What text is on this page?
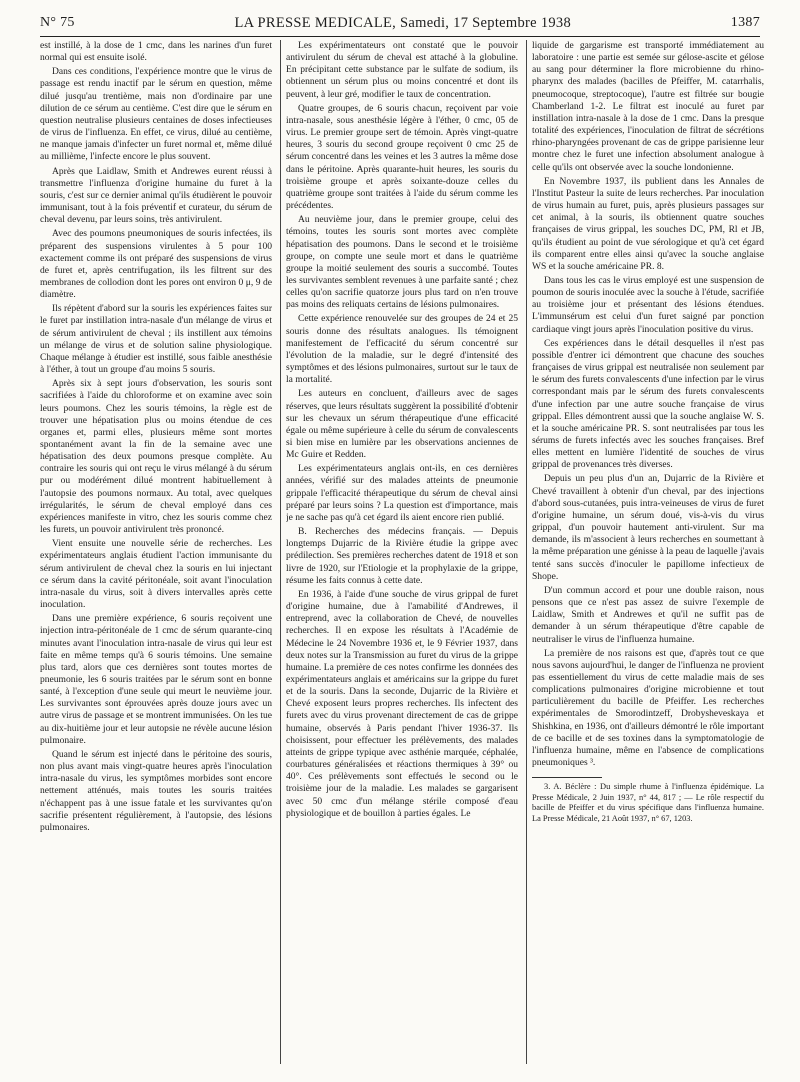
N° 75	LA PRESSE MEDICALE, Samedi, 17 Septembre 1938	1387

est instillé, à la dose de 1 cmc, dans les narines d'un furet normal qui est ensuite isolé.

Dans ces conditions, l'expérience montre que le virus de passage est rendu inactif par le sérum en question, même dilué jusqu'au trentième, mais non d'ordinaire par une dilution de ce sérum au centième. C'est dire que le sérum en question neutralise plusieurs centaines de doses infectieuses de virus de l'influenza. En effet, ce virus, dilué au centième, ne manque jamais d'infecter un furet normal et, même dilué au millième, l'infecte encore le plus souvent.

Après que Laidlaw, Smith et Andrewes eurent réussi à transmettre l'influenza d'origine humaine du furet à la souris, c'est sur ce dernier animal qu'ils étudièrent le pouvoir immunisant, tout à la fois préventif et curateur, du sérum de cheval devenu, par leurs soins, très antivirulent.

Avec des poumons pneumoniques de souris infectées, ils préparent des suspensions virulentes à 5 pour 100 exactement comme ils ont préparé des suspensions de virus de furet et, après centrifugation, ils les filtrent sur des membranes de collodion dont les pores ont environ 0 μ, 9 de diamètre.

Ils répètent d'abord sur la souris les expériences faites sur le furet par instillation intra-nasale d'un mélange de virus et de sérum antivirulent de cheval ; ils instillent aux témoins un mélange de virus et de solution saline physiologique. Chaque mélange à étudier est instillé, sous faible anesthésie à l'éther, à tout un groupe d'au moins 5 souris.

Après six à sept jours d'observation, les souris sont sacrifiées à l'aide du chloroforme et on examine avec soin leurs poumons. Chez les souris témoins, la règle est de trouver une hépatisation plus ou moins étendue de ces organes et, parmi elles, plusieurs même sont mortes spontanément avant la fin de la semaine avec une hépatisation des deux poumons presque complète. Au contraire les souris qui ont reçu le virus mélangé à du sérum pur ou modérément dilué montrent habituellement à l'autopsie des poumons normaux. Au total, avec quelques irrégularités, le sérum de cheval employé dans ces expériences manifeste in vitro, chez les souris comme chez les furets, un pouvoir antivirulent très prononcé.

Vient ensuite une nouvelle série de recherches. Les expérimentateurs anglais étudient l'action immunisante du sérum antivirulent de cheval chez la souris en lui injectant ce sérum dans la cavité péritonéale, soit avant l'inoculation intra-nasale du virus, soit à divers intervalles après cette inoculation.

Dans une première expérience, 6 souris reçoivent une injection intra-péritonéale de 1 cmc de sérum quarante-cinq minutes avant l'inoculation intra-nasale de virus qui leur est faite en même temps qu'à 6 souris témoins. Une semaine plus tard, alors que ces dernières sont toutes mortes de pneumonie, les 6 souris traitées par le sérum sont en bonne santé, à l'exception d'une seule qui meurt le neuvième jour. Les survivantes sont éprouvées après douze jours avec un autre virus de passage et se montrent immunisées. On les tue au dix-huitième jour et leur autopsie ne révèle aucune lésion pulmonaire.

Quand le sérum est injecté dans le péritoine des souris, non plus avant mais vingt-quatre heures après l'inoculation intra-nasale du virus, les symptômes morbides sont encore nettement atténués, mais toutes les souris traitées n'échappent pas à une issue fatale et les survivantes qu'on sacrifie présentent régulièrement, à l'autopsie, des lésions pulmonaires.

Les expérimentateurs ont constaté que le pouvoir antivirulent du sérum de cheval est attaché à la globuline. En précipitant cette substance par le sulfate de sodium, ils obtiennent un sérum plus ou moins concentré et dont ils peuvent, à leur gré, modifier le taux de concentration.

Quatre groupes, de 6 souris chacun, reçoivent par voie intra-nasale, sous anesthésie légère à l'éther, 0 cmc, 05 de virus. Le premier groupe sert de témoin. Après vingt-quatre heures, 3 souris du second groupe reçoivent 0 cmc 25 de sérum concentré dans les veines et les 3 autres la même dose dans le péritoine. Après quarante-huit heures, les souris du troisième groupe et après soixante-douze celles du quatrième groupe sont traitées à l'aide du sérum comme les précédentes.

Au neuvième jour, dans le premier groupe, celui des témoins, toutes les souris sont mortes avec complète hépatisation des poumons. Dans le second et le troisième groupe, on compte une seule mort et dans le quatrième groupe la moitié seulement des souris a succombé. Toutes les survivantes semblent revenues à une parfaite santé ; chez celles qu'on sacrifie quatorze jours plus tard on n'en trouve pas moins des reliquats certains de lésions pulmonaires.

Cette expérience renouvelée sur des groupes de 24 et 25 souris donne des résultats analogues. Ils témoignent manifestement de l'efficacité du sérum concentré sur l'évolution de la maladie, sur le degré d'intensité des symptômes et des lésions pulmonaires, surtout sur le taux de la mortalité.

Les auteurs en concluent, d'ailleurs avec de sages réserves, que leurs résultats suggèrent la possibilité d'obtenir sur les chevaux un sérum thérapeutique d'une efficacité égale ou même supérieure à celle du sérum de convalescents si bien mise en lumière par les observations anciennes de Mc Guire et Redden.

Les expérimentateurs anglais ont-ils, en ces dernières années, vérifié sur des malades atteints de pneumonie grippale l'efficacité thérapeutique du sérum de cheval ainsi préparé par leurs soins ? La question est d'importance, mais je ne sache pas qu'à cet égard ils aient encore rien publié.

B. Recherches des médecins français. — Depuis longtemps Dujarric de la Rivière étudie la grippe avec prédilection. Ses premières recherches datent de 1918 et son livre de 1920, sur l'Etiologie et la prophylaxie de la grippe, résume les faits connus à cette date.

En 1936, à l'aide d'une souche de virus grippal de furet d'origine humaine, due à l'amabilité d'Andrewes, il entreprend, avec la collaboration de Chevé, de nouvelles recherches. Il en expose les résultats à l'Académie de Médecine le 24 Novembre 1936 et, le 9 Février 1937, dans deux notes sur la Transmission au furet du virus de la grippe humaine. La première de ces notes confirme les données des expérimentateurs anglais et américains sur la grippe du furet et de la souris. Dans la seconde, Dujarric de la Rivière et Chevé exposent leurs propres recherches. Ils infectent des furets avec du virus provenant directement de cas de grippe humaine, observés à Paris pendant l'hiver 1936-37. Ils choisissent, pour effectuer les prélèvements, des malades atteints de grippe typique avec asthénie marquée, céphalée, courbatures généralisées et réactions thermiques à 39° ou 40°. Ces prélèvements sont effectués le second ou le troisième jour de la maladie. Les malades se gargarisent avec 50 cmc d'un mélange stérile composé d'eau physiologique et de bouillon à parties égales. Le

liquide de gargarisme est transporté immédiatement au laboratoire : une partie est semée sur gélose-ascite et gélose au sang pour déterminer la flore microbienne du rhino-pharynx des malades (bacilles de Pfeiffer, M. catarrhalis, pneumocoque, streptocoque), l'autre est filtrée sur bougie Chamberland 1-2. Le filtrat est inoculé au furet par instillation intra-nasale à la dose de 1 cmc. Dans la presque totalité des expériences, l'inoculation de filtrat de sécrétions rhino-pharyngées provenant de cas de grippe parisienne leur montre chez le furet une infection absolument analogue à celle qu'ils ont observée avec la souche londonienne.

En Novembre 1937, ils publient dans les Annales de l'Institut Pasteur la suite de leurs recherches. Par inoculation de virus humain au furet, puis, après plusieurs passages sur cet animal, à la souris, ils obtiennent quatre souches françaises de virus grippal, les souches DC, PM, Rl et JB, qu'ils étudient au point de vue sérologique et qu'à cet égard ils comparent entre elles ainsi qu'avec la souche anglaise WS et la souche américaine PR. 8.

Dans tous les cas le virus employé est une suspension de poumon de souris inoculée avec la souche à l'étude, sacrifiée au troisième jour et présentant des lésions étendues. L'immunsérum est celui d'un furet saigné par ponction cardiaque vingt jours après l'inoculation positive du virus.

Ces expériences dans le détail desquelles il n'est pas possible d'entrer ici démontrent que chacune des souches françaises de virus grippal est neutralisée non seulement par le sérum des furets convalescents d'une infection par le virus correspondant mais par le sérum des furets convalescents d'une infection par une autre souche française de virus grippal. Elles démontrent aussi que la souche anglaise W. S. et la souche américaine PR. S. sont neutralisées par tous les sérums de furets infectés avec les souches françaises. Bref elles mettent en lumière l'identité de souches de virus grippal de provenances très diverses.

Depuis un peu plus d'un an, Dujarric de la Rivière et Chevé travaillent à obtenir d'un cheval, par des injections d'abord sous-cutanées, puis intra-veineuses de virus de furet d'origine humaine, un sérum doué, vis-à-vis du virus grippal, d'un pouvoir hautement anti-virulent. Sur ma demande, ils m'associent à leurs recherches en soumettant à la même préparation une génisse à la peau de laquelle j'avais tenté sans succès d'inoculer le papillome infectieux de Shope.

D'un commun accord et pour une double raison, nous pensons que ce n'est pas assez de suivre l'exemple de Laidlaw, Smith et Andrewes et qu'il ne suffit pas de demander à un sérum thérapeutique d'être capable de neutraliser le virus de l'influenza humaine.

La première de nos raisons est que, d'après tout ce que nous savons aujourd'hui, le danger de l'influenza ne provient pas essentiellement du virus de cette maladie mais de ses complications pulmonaires d'origine microbienne et tout particulièrement du bacille de Pfeiffer. Les recherches expérimentales de Smorodintzeff, Drobysheveskaya et Shishkina, en 1936, ont d'ailleurs démontré le rôle important de ce bacille et de ses toxines dans la symptomatologie de l'influenza humaine, même en l'absence de complications pneumoniques ³.

3. A. Béclère : Du simple rhume à l'influenza épidémique. La Presse Médicale, 2 Juin 1937, n° 44, 817 ; — Le rôle respectif du bacille de Pfeiffer et du virus spécifique dans l'influenza humaine. La Presse Médicale, 21 Août 1937, n° 67, 1203.
